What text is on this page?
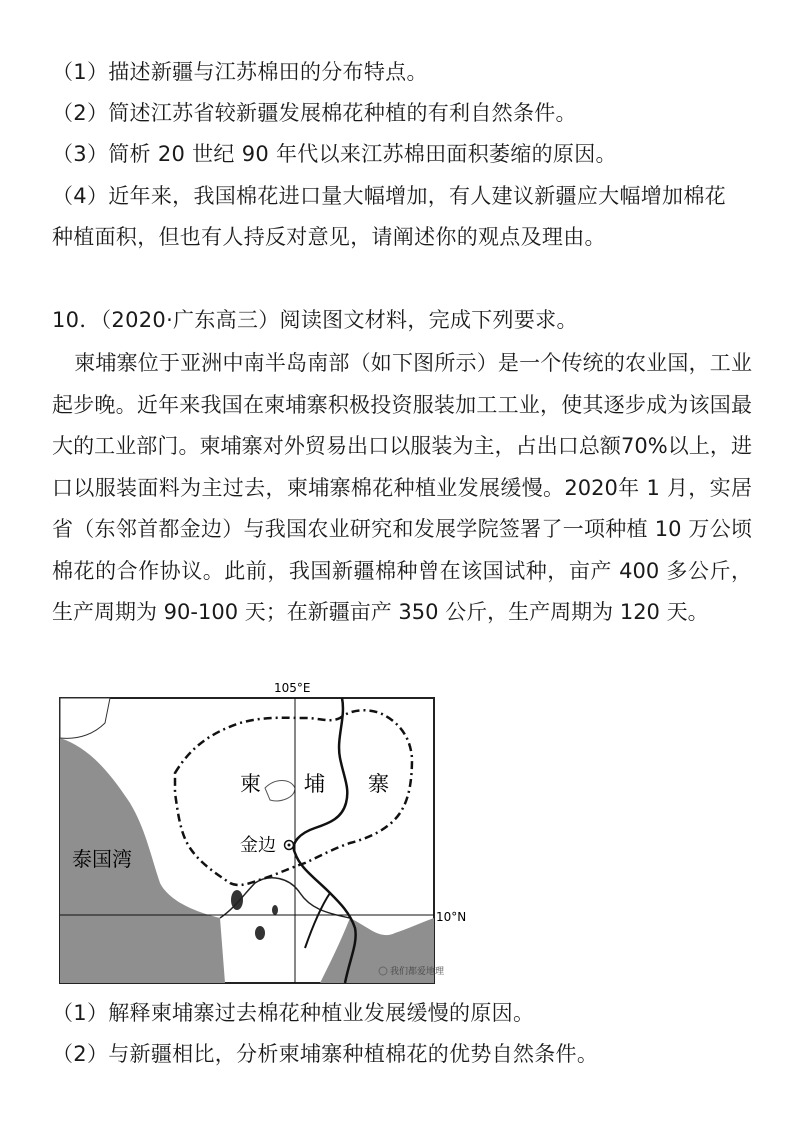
（1）描述新疆与江苏棉田的分布特点。
（2）简述江苏省较新疆发展棉花种植的有利自然条件。
（3）简析 20 世纪 90 年代以来江苏棉田面积萎缩的原因。
（4）近年来，我国棉花进口量大幅增加，有人建议新疆应大幅增加棉花
种植面积，但也有人持反对意见，请阐述你的观点及理由。
10．（2020·广东高三）阅读图文材料，完成下列要求。
柬埔寨位于亚洲中南半岛南部（如下图所示）是一个传统的农业国，工业起步晚。近年来我国在柬埔寨积极投资服装加工工业，使其逐步成为该国最大的工业部门。柬埔寨对外贸易出口以服装为主，占出口总额70%以上，进口以服装面料为主过去，柬埔寨棉花种植业发展缓慢。2020年 1 月，实居省（东邻首都金边）与我国农业研究和发展学院签署了一项种植 10 万公顷棉花的合作协议。此前，我国新疆棉种曾在该国试种，亩产 400 多公斤，生产周期为 90-100 天；在新疆亩产 350 公斤，生产周期为 120 天。
105°E
10°N
柬 埔 寨
金边
泰国湾
我们都爱地理
（1）解释柬埔寨过去棉花种植业发展缓慢的原因。
（2）与新疆相比，分析柬埔寨种植棉花的优势自然条件。
